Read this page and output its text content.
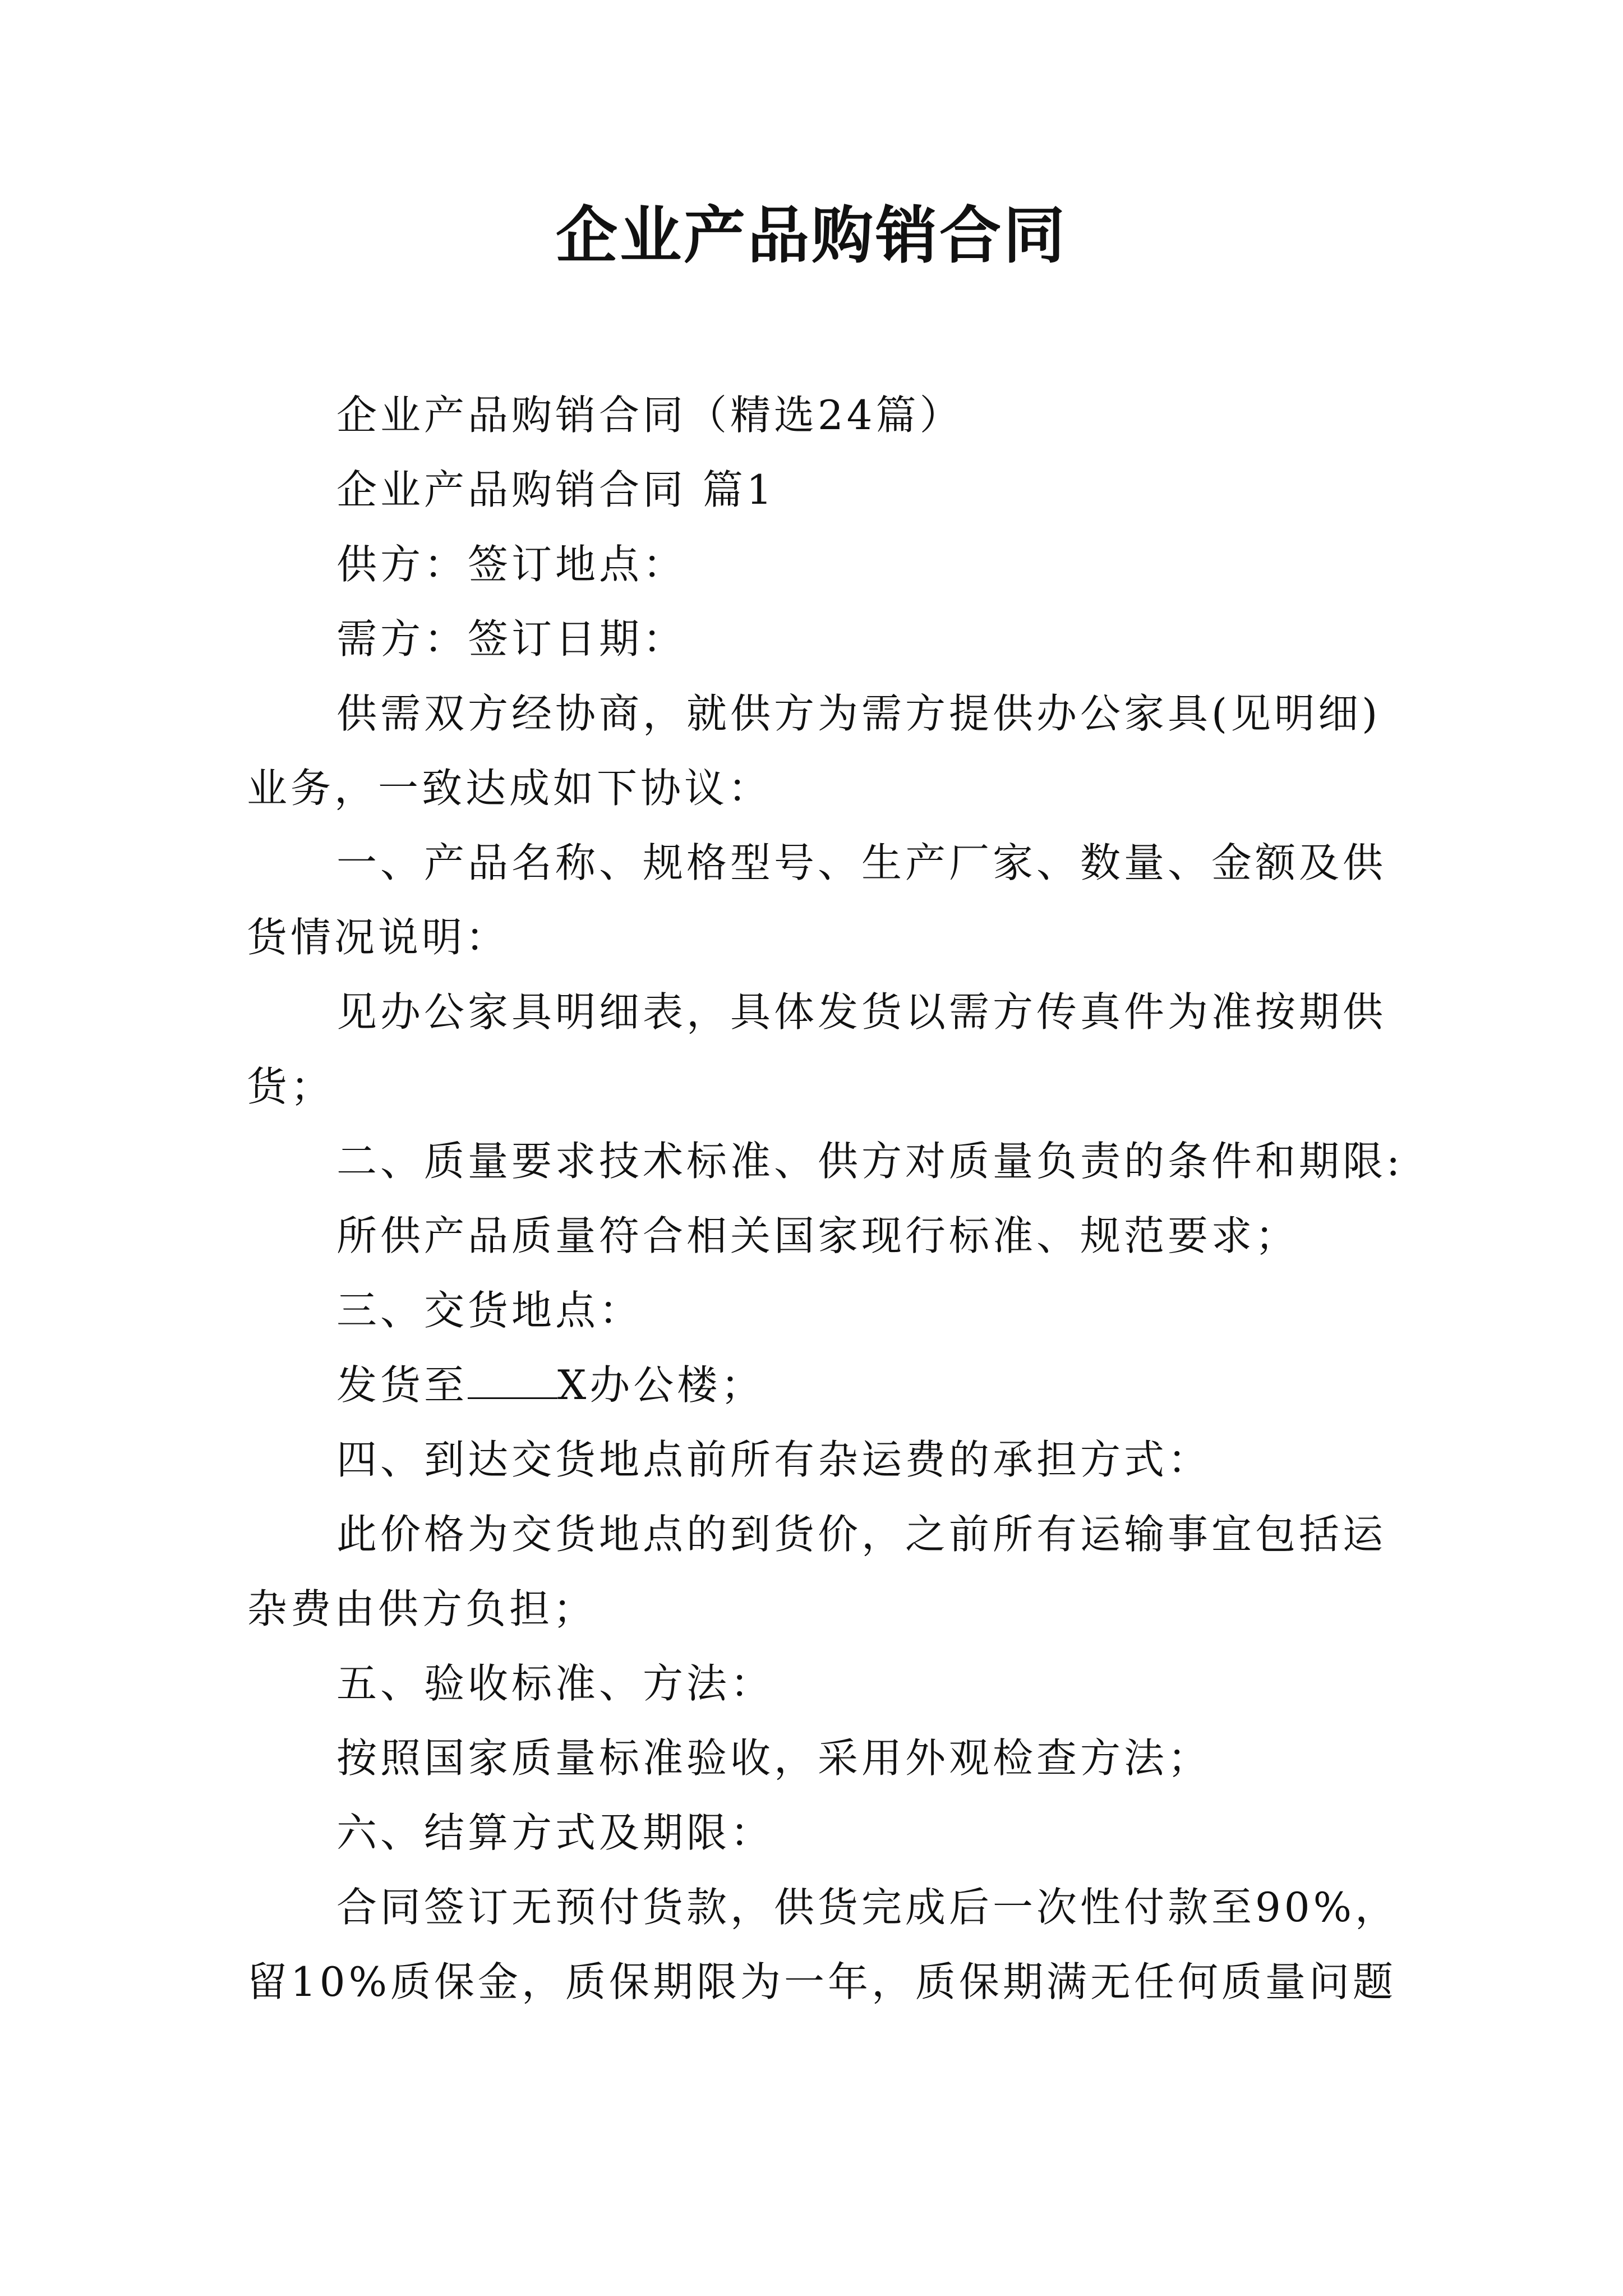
企业产品购销合同
企业产品购销合同（精选24篇）
企业产品购销合同 篇1
供方：签订地点：
需方：签订日期：
供需双方经协商，就供方为需方提供办公家具(见明细)
业务，一致达成如下协议：
一、产品名称、规格型号、生产厂家、数量、金额及供
货情况说明：
见办公家具明细表，具体发货以需方传真件为准按期供
货；
二、质量要求技术标准、供方对质量负责的条件和期限:
所供产品质量符合相关国家现行标准、规范要求；
三、交货地点：
发货至 X办公楼；
四、到达交货地点前所有杂运费的承担方式：
此价格为交货地点的到货价，之前所有运输事宜包括运
杂费由供方负担；
五、验收标准、方法：
按照国家质量标准验收，采用外观检查方法；
六、结算方式及期限：
合同签订无预付货款，供货完成后一次性付款至90%，
留10%质保金，质保期限为一年，质保期满无任何质量问题
